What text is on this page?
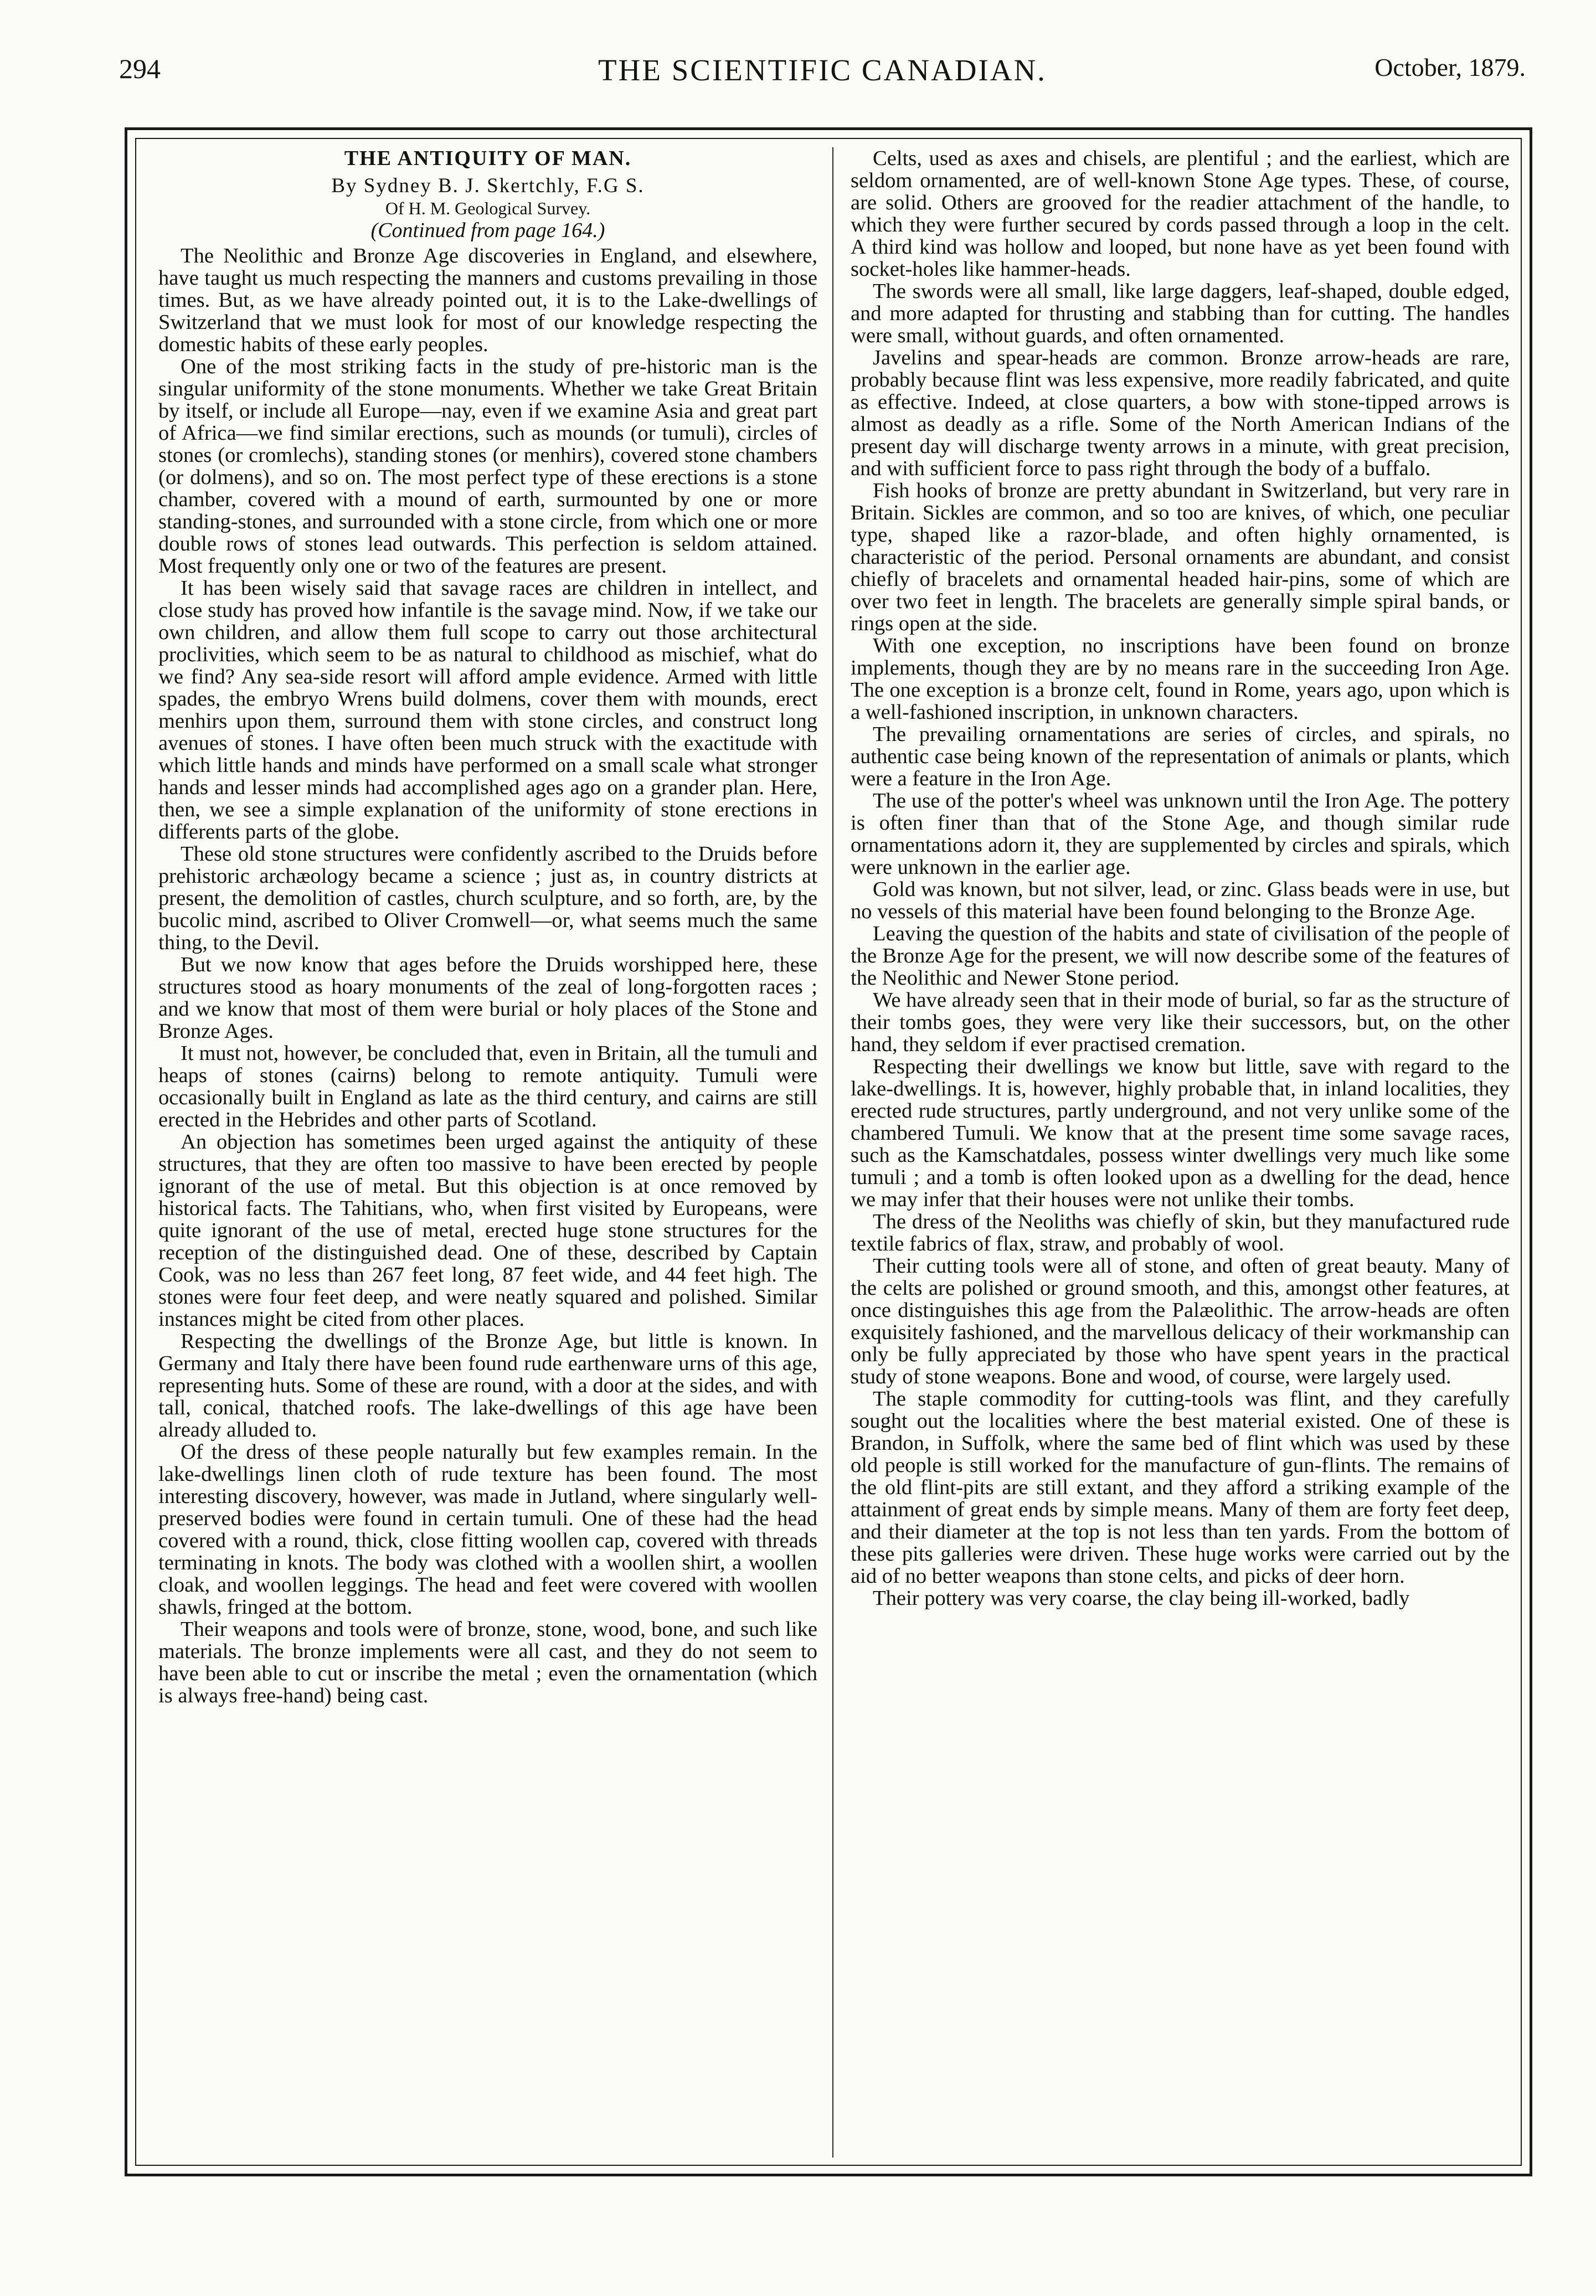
294	THE SCIENTIFIC CANADIAN.	October, 1879.

THE ANTIQUITY OF MAN.

By Sydney B. J. Skertchly, F.G S.

Of H. M. Geological Survey.

(Continued from page 164.)

The Neolithic and Bronze Age discoveries in England, and elsewhere, have taught us much respecting the manners and customs prevailing in those times. But, as we have already pointed out, it is to the Lake-dwellings of Switzerland that we must look for most of our knowledge respecting the domestic habits of these early peoples.

One of the most striking facts in the study of pre-historic man is the singular uniformity of the stone monuments. Whether we take Great Britain by itself, or include all Europe—nay, even if we examine Asia and great part of Africa—we find similar erections, such as mounds (or tumuli), circles of stones (or cromlechs), standing stones (or menhirs), covered stone chambers (or dolmens), and so on. The most perfect type of these erections is a stone chamber, covered with a mound of earth, surmounted by one or more standing-stones, and surrounded with a stone circle, from which one or more double rows of stones lead outwards. This perfection is seldom attained. Most frequently only one or two of the features are present.

It has been wisely said that savage races are children in intellect, and close study has proved how infantile is the savage mind. Now, if we take our own children, and allow them full scope to carry out those architectural proclivities, which seem to be as natural to childhood as mischief, what do we find? Any sea-side resort will afford ample evidence. Armed with little spades, the embryo Wrens build dolmens, cover them with mounds, erect menhirs upon them, surround them with stone circles, and construct long avenues of stones. I have often been much struck with the exactitude with which little hands and minds have performed on a small scale what stronger hands and lesser minds had accomplished ages ago on a grander plan. Here, then, we see a simple explanation of the uniformity of stone erections in differents parts of the globe.

These old stone structures were confidently ascribed to the Druids before prehistoric archæology became a science ; just as, in country districts at present, the demolition of castles, church sculpture, and so forth, are, by the bucolic mind, ascribed to Oliver Cromwell—or, what seems much the same thing, to the Devil.

But we now know that ages before the Druids worshipped here, these structures stood as hoary monuments of the zeal of long-forgotten races ; and we know that most of them were burial or holy places of the Stone and Bronze Ages.

It must not, however, be concluded that, even in Britain, all the tumuli and heaps of stones (cairns) belong to remote antiquity. Tumuli were occasionally built in England as late as the third century, and cairns are still erected in the Hebrides and other parts of Scotland.

An objection has sometimes been urged against the antiquity of these structures, that they are often too massive to have been erected by people ignorant of the use of metal. But this objection is at once removed by historical facts. The Tahitians, who, when first visited by Europeans, were quite ignorant of the use of metal, erected huge stone structures for the reception of the distinguished dead. One of these, described by Captain Cook, was no less than 267 feet long, 87 feet wide, and 44 feet high. The stones were four feet deep, and were neatly squared and polished. Similar instances might be cited from other places.

Respecting the dwellings of the Bronze Age, but little is known. In Germany and Italy there have been found rude earthenware urns of this age, representing huts. Some of these are round, with a door at the sides, and with tall, conical, thatched roofs. The lake-dwellings of this age have been already alluded to.

Of the dress of these people naturally but few examples remain. In the lake-dwellings linen cloth of rude texture has been found. The most interesting discovery, however, was made in Jutland, where singularly well-preserved bodies were found in certain tumuli. One of these had the head covered with a round, thick, close fitting woollen cap, covered with threads terminating in knots. The body was clothed with a woollen shirt, a woollen cloak, and woollen leggings. The head and feet were covered with woollen shawls, fringed at the bottom.

Their weapons and tools were of bronze, stone, wood, bone, and such like materials. The bronze implements were all cast, and they do not seem to have been able to cut or inscribe the metal ; even the ornamentation (which is always free-hand) being cast.

Celts, used as axes and chisels, are plentiful ; and the earliest, which are seldom ornamented, are of well-known Stone Age types. These, of course, are solid. Others are grooved for the readier attachment of the handle, to which they were further secured by cords passed through a loop in the celt. A third kind was hollow and looped, but none have as yet been found with socket-holes like hammer-heads.

The swords were all small, like large daggers, leaf-shaped, double edged, and more adapted for thrusting and stabbing than for cutting. The handles were small, without guards, and often ornamented.

Javelins and spear-heads are common. Bronze arrow-heads are rare, probably because flint was less expensive, more readily fabricated, and quite as effective. Indeed, at close quarters, a bow with stone-tipped arrows is almost as deadly as a rifle. Some of the North American Indians of the present day will discharge twenty arrows in a minute, with great precision, and with sufficient force to pass right through the body of a buffalo.

Fish hooks of bronze are pretty abundant in Switzerland, but very rare in Britain. Sickles are common, and so too are knives, of which, one peculiar type, shaped like a razor-blade, and often highly ornamented, is characteristic of the period. Personal ornaments are abundant, and consist chiefly of bracelets and ornamental headed hair-pins, some of which are over two feet in length. The bracelets are generally simple spiral bands, or rings open at the side.

With one exception, no inscriptions have been found on bronze implements, though they are by no means rare in the succeeding Iron Age. The one exception is a bronze celt, found in Rome, years ago, upon which is a well-fashioned inscription, in unknown characters.

The prevailing ornamentations are series of circles, and spirals, no authentic case being known of the representation of animals or plants, which were a feature in the Iron Age.

The use of the potter's wheel was unknown until the Iron Age. The pottery is often finer than that of the Stone Age, and though similar rude ornamentations adorn it, they are supplemented by circles and spirals, which were unknown in the earlier age.

Gold was known, but not silver, lead, or zinc. Glass beads were in use, but no vessels of this material have been found belonging to the Bronze Age.

Leaving the question of the habits and state of civilisation of the people of the Bronze Age for the present, we will now describe some of the features of the Neolithic and Newer Stone period.

We have already seen that in their mode of burial, so far as the structure of their tombs goes, they were very like their successors, but, on the other hand, they seldom if ever practised cremation.

Respecting their dwellings we know but little, save with regard to the lake-dwellings. It is, however, highly probable that, in inland localities, they erected rude structures, partly underground, and not very unlike some of the chambered Tumuli. We know that at the present time some savage races, such as the Kamschatdales, possess winter dwellings very much like some tumuli ; and a tomb is often looked upon as a dwelling for the dead, hence we may infer that their houses were not unlike their tombs.

The dress of the Neoliths was chiefly of skin, but they manufactured rude textile fabrics of flax, straw, and probably of wool.

Their cutting tools were all of stone, and often of great beauty. Many of the celts are polished or ground smooth, and this, amongst other features, at once distinguishes this age from the Palæolithic. The arrow-heads are often exquisitely fashioned, and the marvellous delicacy of their workmanship can only be fully appreciated by those who have spent years in the practical study of stone weapons. Bone and wood, of course, were largely used.

The staple commodity for cutting-tools was flint, and they carefully sought out the localities where the best material existed. One of these is Brandon, in Suffolk, where the same bed of flint which was used by these old people is still worked for the manufacture of gun-flints. The remains of the old flint-pits are still extant, and they afford a striking example of the attainment of great ends by simple means. Many of them are forty feet deep, and their diameter at the top is not less than ten yards. From the bottom of these pits galleries were driven. These huge works were carried out by the aid of no better weapons than stone celts, and picks of deer horn.

Their pottery was very coarse, the clay being ill-worked, badly
